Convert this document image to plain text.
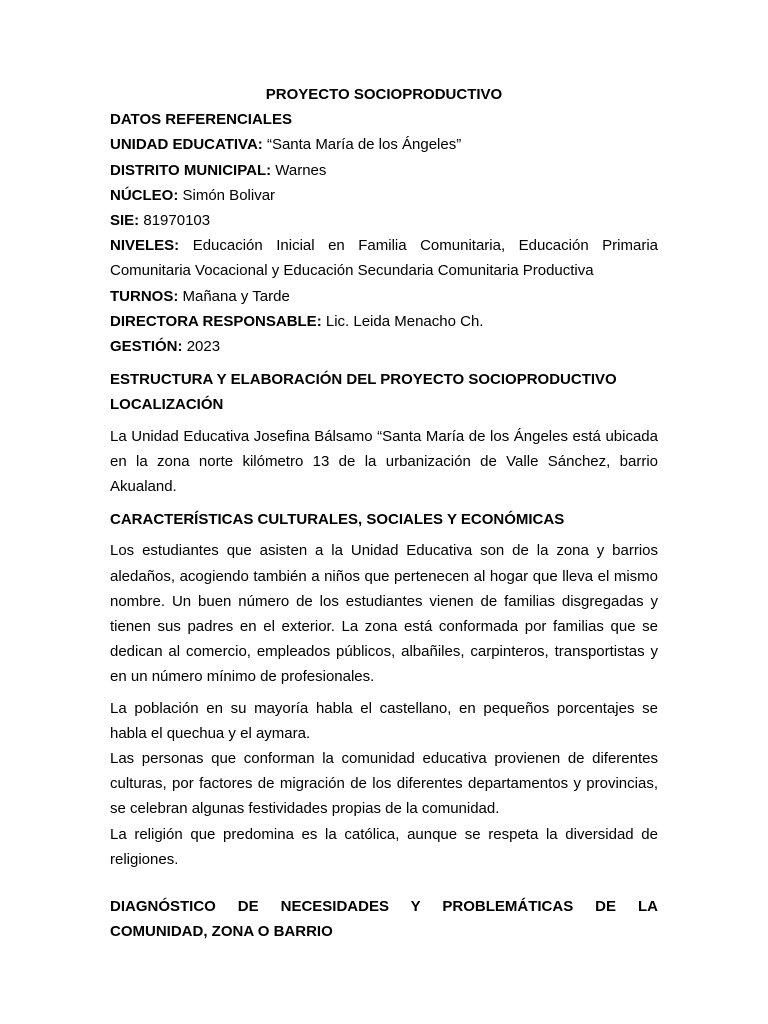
PROYECTO SOCIOPRODUCTIVO

DATOS REFERENCIALES

UNIDAD EDUCATIVA: “Santa María de los Ángeles”

DISTRITO MUNICIPAL: Warnes

NÚCLEO: Simón Bolivar

SIE: 81970103

NIVELES: Educación Inicial en Familia Comunitaria, Educación Primaria Comunitaria Vocacional y Educación Secundaria Comunitaria Productiva

TURNOS: Mañana y Tarde

DIRECTORA RESPONSABLE: Lic. Leida Menacho Ch.

GESTIÓN: 2023

ESTRUCTURA Y ELABORACIÓN DEL PROYECTO SOCIOPRODUCTIVO

LOCALIZACIÓN

La Unidad Educativa Josefina Bálsamo “Santa María de los Ángeles está ubicada en la zona norte kilómetro 13 de la urbanización de Valle Sánchez, barrio Akualand.

CARACTERÍSTICAS CULTURALES, SOCIALES Y ECONÓMICAS

Los estudiantes que asisten a la Unidad Educativa son de la zona y barrios aledaños, acogiendo también a niños que pertenecen al hogar que lleva el mismo nombre. Un buen número de los estudiantes vienen de familias disgregadas y tienen sus padres en el exterior. La zona está conformada por familias que se dedican al comercio, empleados públicos, albañiles, carpinteros, transportistas y en un número mínimo de profesionales.

La población en su mayoría habla el castellano, en pequeños porcentajes se habla el quechua y el aymara.

Las personas que conforman la comunidad educativa provienen de diferentes culturas, por factores de migración de los diferentes departamentos y provincias, se celebran algunas festividades propias de la comunidad.

La religión que predomina es la católica, aunque se respeta la diversidad de religiones.

DIAGNÓSTICO DE NECESIDADES Y PROBLEMÁTICAS DE LA

COMUNIDAD, ZONA O BARRIO
